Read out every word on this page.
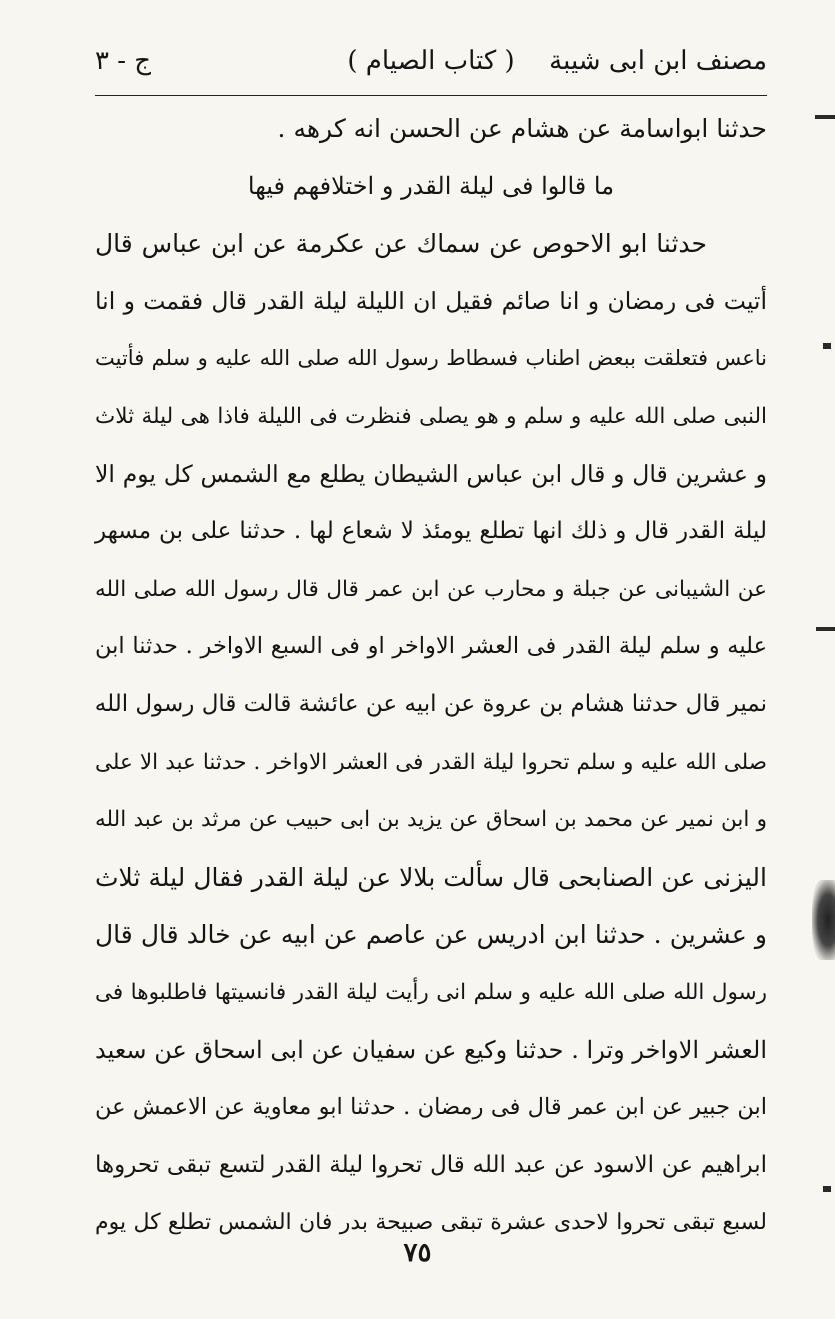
مصنف ابن ابی شیبة
( کتاب الصیام )
ج - ٣
حدثنا ابواسامة عن هشام عن الحسن انه کرهه .
ما قالوا فی لیلة القدر و اختلافهم فیها
حدثنا ابو الاحوص عن سماك عن عکرمة عن ابن عباس قال
أتیت فی رمضان و انا صائم فقیل ان اللیلة لیلة القدر قال فقمت و انا
ناعس فتعلقت ببعض اطناب فسطاط رسول الله صلی الله علیه و سلم فأتیت
النبی صلی الله علیه و سلم و هو یصلی فنظرت فی اللیلة فاذا هی لیلة ثلاث
و عشرین قال و قال ابن عباس الشیطان یطلع مع الشمس کل یوم الا
لیلة القدر قال و ذلك انها تطلع یومئذ لا شعاع لها . حدثنا علی بن مسهر
عن الشیبانی عن جبلة و محارب عن ابن عمر قال قال رسول الله صلی الله
علیه و سلم لیلة القدر فی العشر الاواخر او فی السبع الاواخر . حدثنا ابن
نمیر قال حدثنا هشام بن عروة عن ابیه عن عائشة قالت قال رسول الله
صلی الله علیه و سلم تحروا لیلة القدر فی العشر الاواخر . حدثنا عبد الا علی
و ابن نمیر عن محمد بن اسحاق عن یزید بن ابی حبیب عن مرثد بن عبد الله
الیزنی عن الصنابحی قال سألت بلالا عن لیلة القدر فقال لیلة ثلاث
و عشرین . حدثنا ابن ادریس عن عاصم عن ابیه عن خالد قال قال
رسول الله صلی الله علیه و سلم انی رأیت لیلة القدر فانسیتها فاطلبوها فی
العشر الاواخر وترا . حدثنا وکیع عن سفیان عن ابی اسحاق عن سعید
ابن جبیر عن ابن عمر قال فی رمضان . حدثنا ابو معاویة عن الاعمش عن
ابراهیم عن الاسود عن عبد الله قال تحروا لیلة القدر لتسع تبقی تحروها
لسبع تبقی تحروا لاحدی عشرة تبقی صبیحة بدر فان الشمس تطلع کل یوم
٧٥
